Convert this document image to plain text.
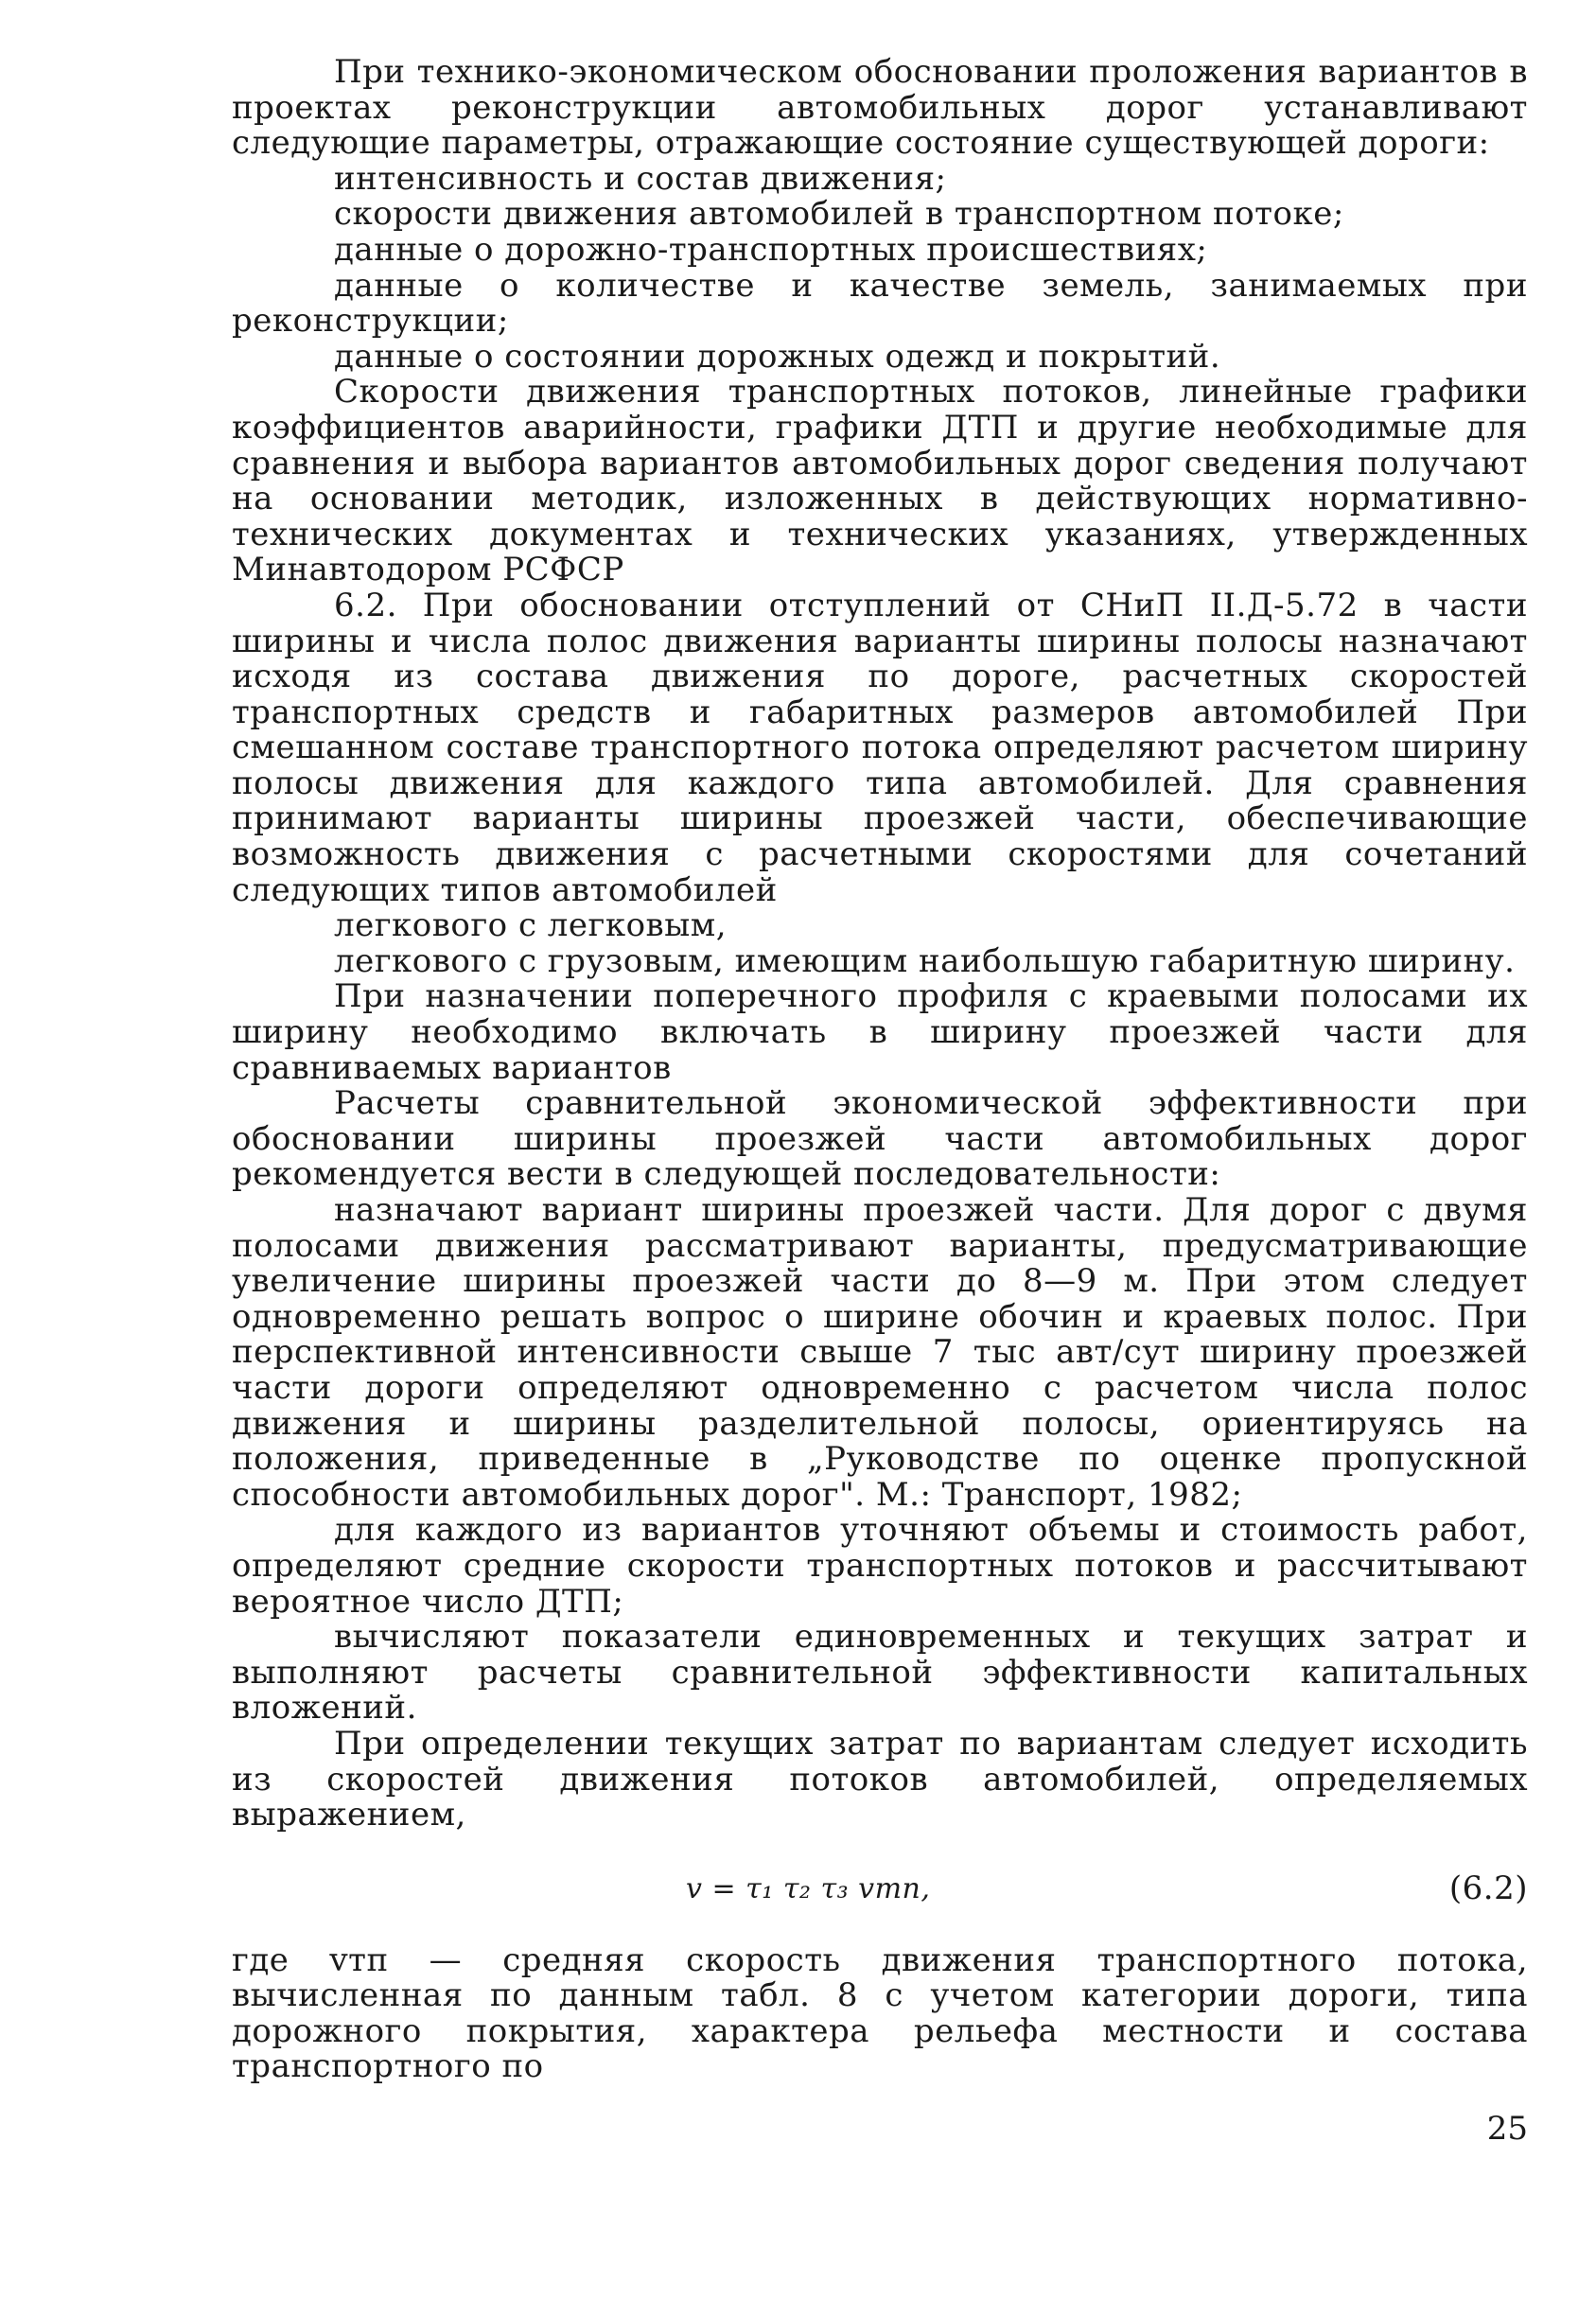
При технико-экономическом обосновании проложения вариантов в проектах реконструкции автомобильных дорог устанавливают следующие параметры, отражающие состояние существующей дороги:

интенсивность и состав движения;

скорости движения автомобилей в транспортном потоке;

данные о дорожно-транспортных происшествиях;

данные о количестве и качестве земель, занимаемых при реконструкции;

данные о состоянии дорожных одежд и покрытий.

Скорости движения транспортных потоков, линейные графики коэффициентов аварийности, графики ДТП и другие необходимые для сравнения и выбора вариантов автомобильных дорог сведения получают на основании методик, изложенных в действующих нормативно-технических документах и технических указаниях, утвержденных Минавтодором РСФСР

6.2. При обосновании отступлений от СНиП II.Д-5.72 в части ширины и числа полос движения варианты ширины полосы назначают исходя из состава движения по дороге, расчетных скоростей транспортных средств и габаритных размеров автомобилей При смешанном составе транспортного потока определяют расчетом ширину полосы движения для каждого типа автомобилей. Для сравнения принимают варианты ширины проезжей части, обеспечивающие возможность движения с расчетными скоростями для сочетаний следующих типов автомобилей

легкового с легковым,

легкового с грузовым, имеющим наибольшую габаритную ширину.

При назначении поперечного профиля с краевыми полосами их ширину необходимо включать в ширину проезжей части для сравниваемых вариантов

Расчеты сравнительной экономической эффективности при обосновании ширины проезжей части автомобильных дорог рекомендуется вести в следующей последовательности:

назначают вариант ширины проезжей части. Для дорог с двумя полосами движения рассматривают варианты, предусматривающие увеличение ширины проезжей части до 8—9 м. При этом следует одновременно решать вопрос о ширине обочин и краевых полос. При перспективной интенсивности свыше 7 тыс авт/сут ширину проезжей части дороги определяют одновременно с расчетом числа полос движения и ширины разделительной полосы, ориентируясь на положения, приведенные в „Руководстве по оценке пропускной способности автомобильных дорог". М.: Транспорт, 1982;

для каждого из вариантов уточняют объемы и стоимость работ, определяют средние скорости транспортных потоков и рассчитывают вероятное число ДТП;

вычисляют показатели единовременных и текущих затрат и выполняют расчеты сравнительной эффективности капитальных вложений.

При определении текущих затрат по вариантам следует исходить из скоростей движения потоков автомобилей, определяемых выражением,

v = τ₁ τ₂ τ₃ vтп,	(6.2)

где vтп — средняя скорость движения транспортного потока, вычисленная по данным табл. 8 с учетом категории дороги, типа дорожного покрытия, характера рельефа местности и состава транспортного по

25
